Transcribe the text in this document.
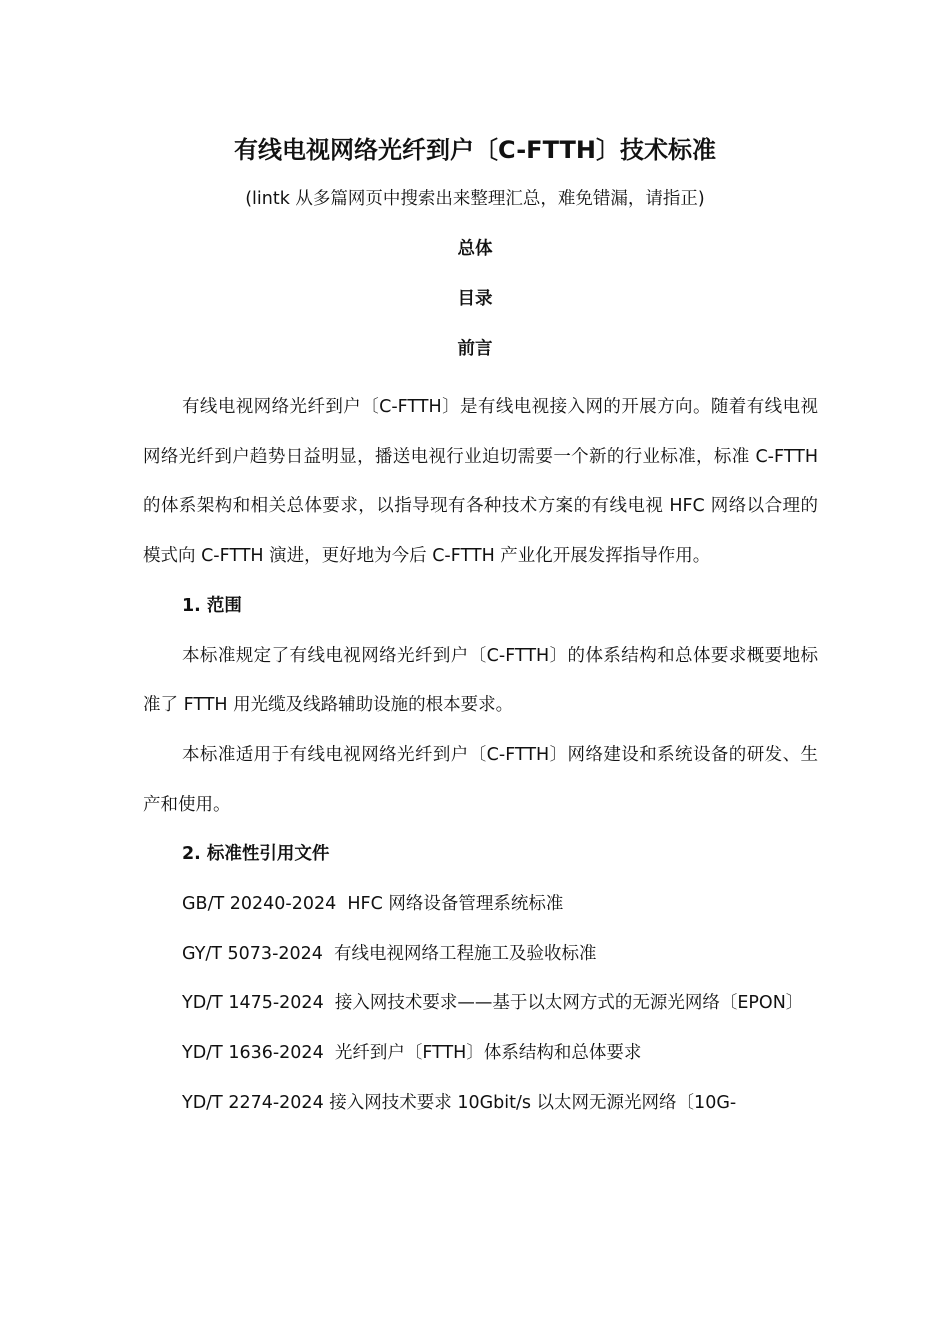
有线电视网络光纤到户〔C-FTTH〕技术标准
(lintk 从多篇网页中搜索出来整理汇总，难免错漏，请指正)
总体
目录
前言

有线电视网络光纤到户〔C-FTTH〕是有线电视接入网的开展方向。随着有线电视网络光纤到户趋势日益明显，播送电视行业迫切需要一个新的行业标准，标准 C-FTTH 的体系架构和相关总体要求，以指导现有各种技术方案的有线电视 HFC 网络以合理的模式向 C-FTTH 演进，更好地为今后 C-FTTH 产业化开展发挥指导作用。

1. 范围

本标准规定了有线电视网络光纤到户〔C-FTTH〕的体系结构和总体要求概要地标准了 FTTH 用光缆及线路辅助设施的根本要求。

本标准适用于有线电视网络光纤到户〔C-FTTH〕网络建设和系统设备的研发、生产和使用。

2. 标准性引用文件

GB/T 20240-2024  HFC 网络设备管理系统标准

GY/T 5073-2024  有线电视网络工程施工及验收标准

YD/T 1475-2024  接入网技术要求——基于以太网方式的无源光网络〔EPON〕

YD/T 1636-2024  光纤到户〔FTTH〕体系结构和总体要求

YD/T 2274-2024 接入网技术要求 10Gbit/s 以太网无源光网络〔10G-
